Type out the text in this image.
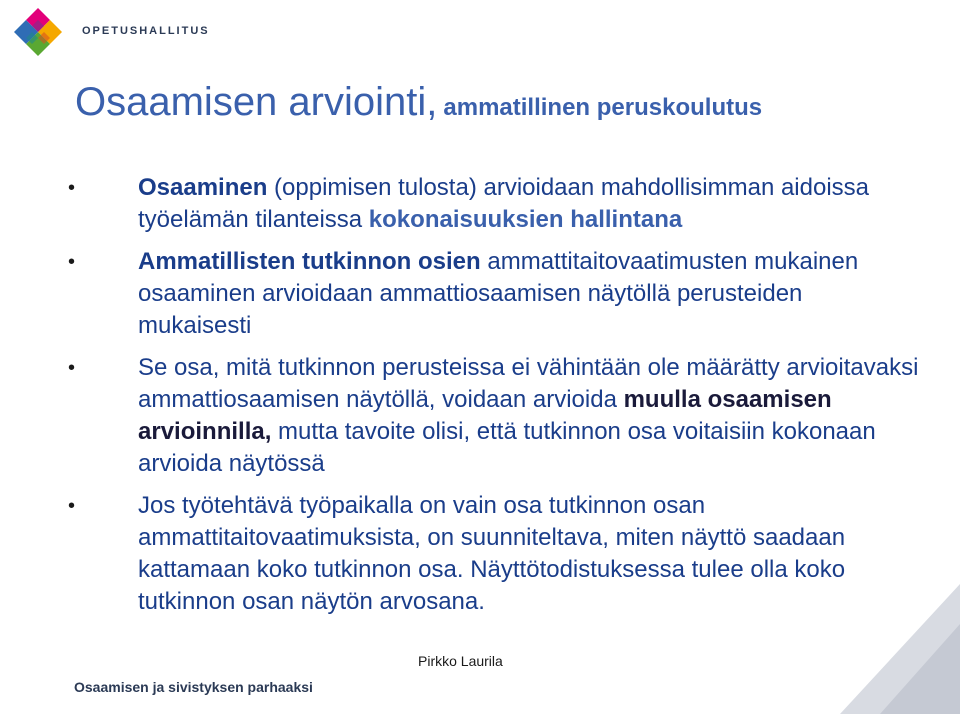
OPETUSHALLITUS
Osaamisen arviointi, ammatillinen peruskoulutus
•	Osaaminen (oppimisen tulosta) arvioidaan mahdollisimman aidoissa työelämän tilanteissa kokonaisuuksien hallintana
•	Ammatillisten tutkinnon osien ammattitaitovaatimusten mukainen osaaminen arvioidaan ammattiosaamisen näytöllä perusteiden mukaisesti
•	Se osa, mitä tutkinnon perusteissa ei vähintään ole määrätty arvioitavaksi ammattiosaamisen näytöllä, voidaan arvioida muulla osaamisen arvioinnilla, mutta tavoite olisi, että tutkinnon osa voitaisiin kokonaan arvioida näytössä
•	Jos työtehtävä työpaikalla on vain osa tutkinnon osan ammattitaitovaatimuksista, on suunniteltava, miten näyttö saadaan kattamaan koko tutkinnon osa. Näyttötodistuksessa tulee olla koko tutkinnon osan näytön arvosana.
Pirkko Laurila
Osaamisen ja sivistyksen parhaaksi
